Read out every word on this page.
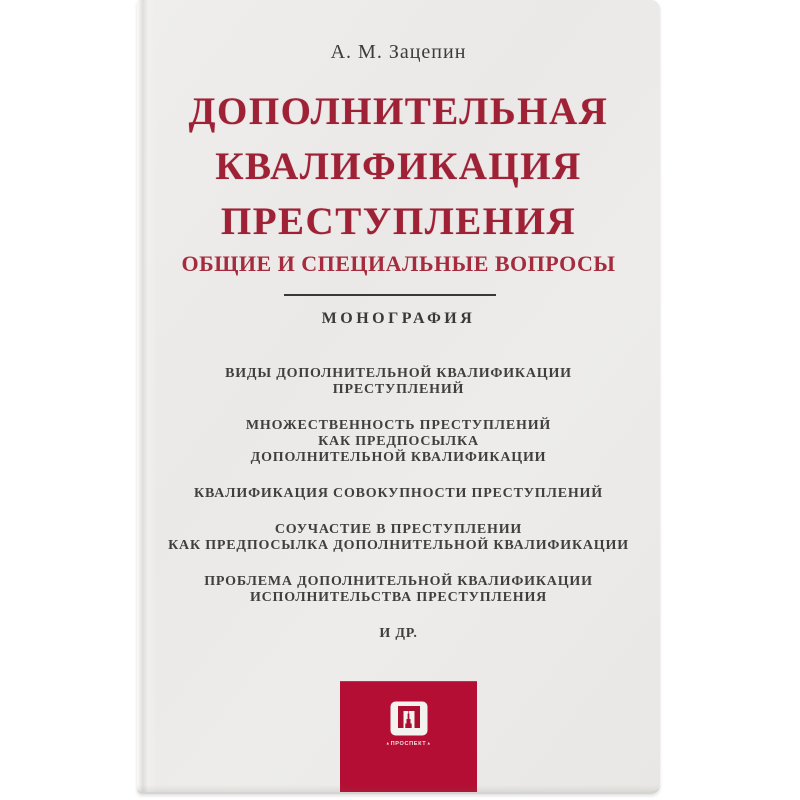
А. М. Зацепин
ДОПОЛНИТЕЛЬНАЯ
КВАЛИФИКАЦИЯ
ПРЕСТУПЛЕНИЯ
ОБЩИЕ И СПЕЦИАЛЬНЫЕ ВОПРОСЫ
МОНОГРАФИЯ
ВИДЫ ДОПОЛНИТЕЛЬНОЙ КВАЛИФИКАЦИИ
ПРЕСТУПЛЕНИЙ
МНОЖЕСТВЕННОСТЬ ПРЕСТУПЛЕНИЙ
КАК ПРЕДПОСЫЛКА
ДОПОЛНИТЕЛЬНОЙ КВАЛИФИКАЦИИ
КВАЛИФИКАЦИЯ СОВОКУПНОСТИ ПРЕСТУПЛЕНИЙ
СОУЧАСТИЕ В ПРЕСТУПЛЕНИИ
КАК ПРЕДПОСЫЛКА ДОПОЛНИТЕЛЬНОЙ КВАЛИФИКАЦИИ
ПРОБЛЕМА ДОПОЛНИТЕЛЬНОЙ КВАЛИФИКАЦИИ
ИСПОЛНИТЕЛЬСТВА ПРЕСТУПЛЕНИЯ
И ДР.
▴ПРОСПЕКТ▴
